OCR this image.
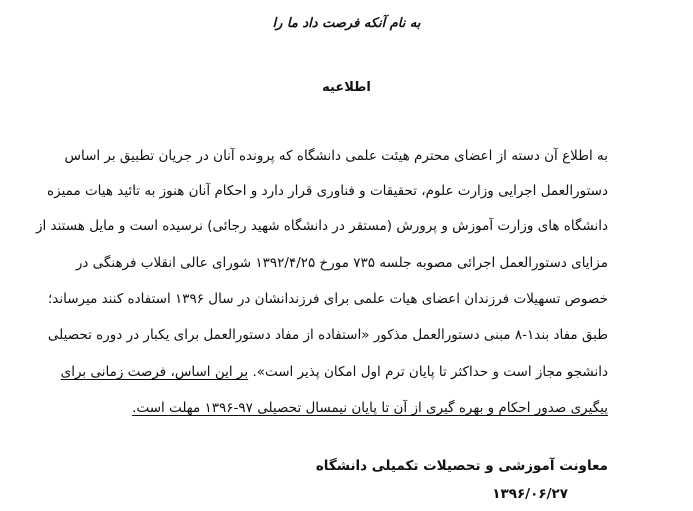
به نام آنکه فرصت داد ما را
اطلاعیه
به اطلاع آن دسته از اعضای محترم هیئت علمی دانشگاه که پرونده آنان در جریان تطبیق بر اساس
دستورالعمل اجرایی وزارت علوم، تحقیقات و فناوری قرار دارد و احکام آنان هنوز به تائید هیات ممیزه
دانشگاه های وزارت آموزش و پرورش (مستقر در دانشگاه شهید رجائی) نرسیده است و مایل هستند از
مزایای دستورالعمل اجرائی مصوبه جلسه ۷۳۵ مورخ ۱۳۹۲/۴/۲۵ شورای عالی انقلاب فرهنگی در
خصوص تسهیلات فرزندان اعضای هیات علمی برای فرزندانشان در سال ۱۳۹۶ استفاده کنند میرساند؛
طبق مفاد بند۱-۸ مبنی دستورالعمل مذکور «استفاده از مفاد دستورالعمل برای یکبار در دوره تحصیلی
دانشجو مجاز است و حداکثر تا پایان ترم اول امکان پذیر است». بر این اساس، فرصت زمانی برای
پیگیری صدور احکام و بهره گیری از آن تا پایان نیمسال تحصیلی ۹۷-۱۳۹۶ مهلت است.
معاونت آموزشی و تحصیلات تکمیلی دانشگاه
۱۳۹۶/۰۶/۲۷
